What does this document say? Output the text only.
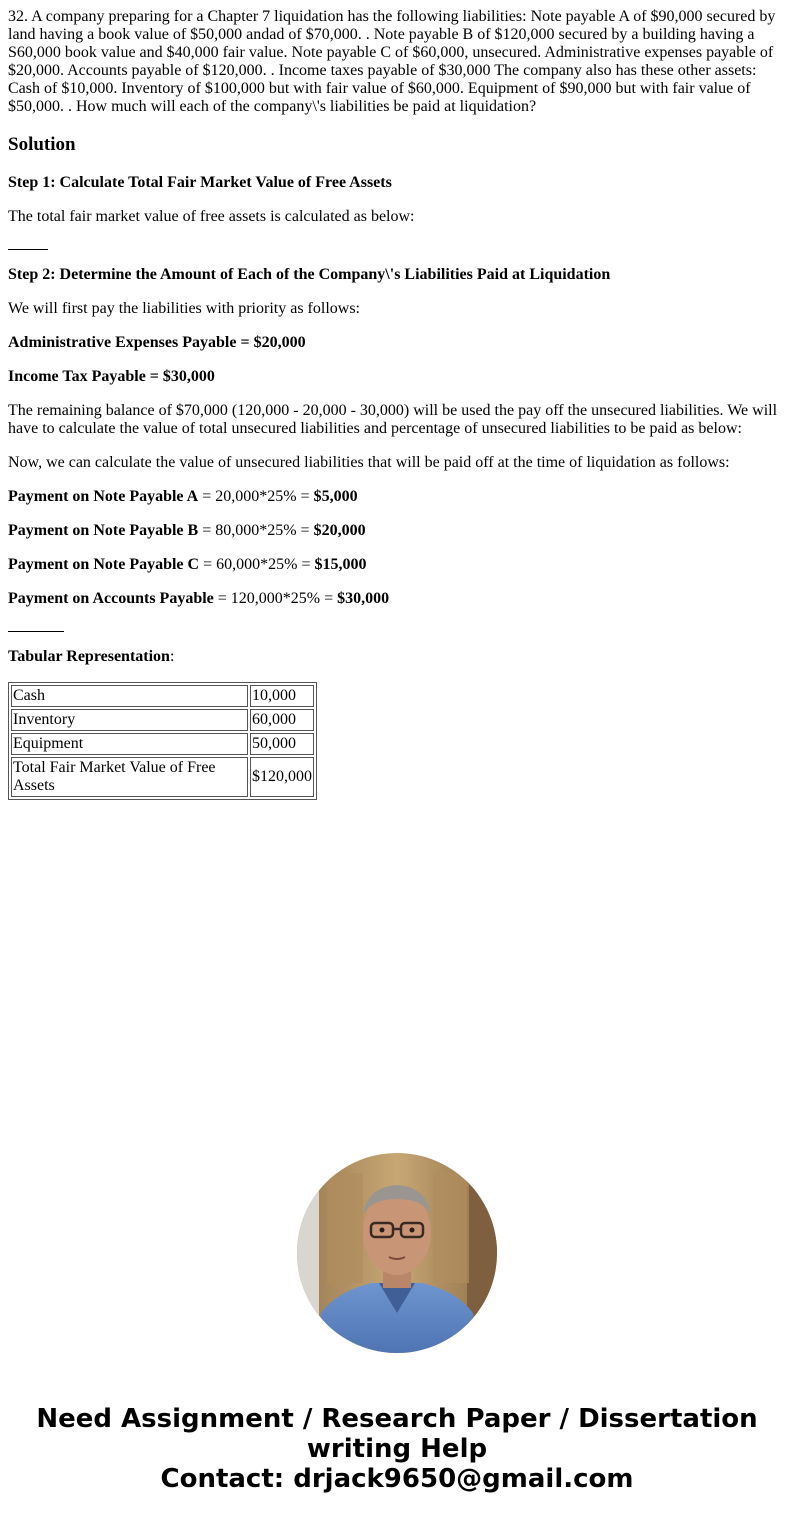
32. A company preparing for a Chapter 7 liquidation has the following liabilities: Note payable A of $90,000 secured by land having a book value of $50,000 andad of $70,000. . Note payable B of $120,000 secured by a building having a S60,000 book value and $40,000 fair value. Note payable C of $60,000, unsecured. Administrative expenses payable of $20,000. Accounts payable of $120,000. . Income taxes payable of $30,000 The company also has these other assets: Cash of $10,000. Inventory of $100,000 but with fair value of $60,000. Equipment of $90,000 but with fair value of $50,000. . How much will each of the company\'s liabilities be paid at liquidation?

Solution

Step 1: Calculate Total Fair Market Value of Free Assets

The total fair market value of free assets is calculated as below:

Step 2: Determine the Amount of Each of the Company\'s Liabilities Paid at Liquidation

We will first pay the liabilities with priority as follows:

Administrative Expenses Payable = $20,000

Income Tax Payable = $30,000

The remaining balance of $70,000 (120,000 - 20,000 - 30,000) will be used the pay off the unsecured liabilities. We will have to calculate the value of total unsecured liabilities and percentage of unsecured liabilities to be paid as below:

Now, we can calculate the value of unsecured liabilities that will be paid off at the time of liquidation as follows:

Payment on Note Payable A = 20,000*25% = $5,000

Payment on Note Payable B = 80,000*25% = $20,000

Payment on Note Payable C = 60,000*25% = $15,000

Payment on Accounts Payable = 120,000*25% = $30,000

Tabular Representation:

Cash	10,000
Inventory	60,000
Equipment	50,000
Total Fair Market Value of Free Assets	$120,000
Need Assignment / Research Paper / Dissertation
writing Help
Contact: drjack9650@gmail.com
